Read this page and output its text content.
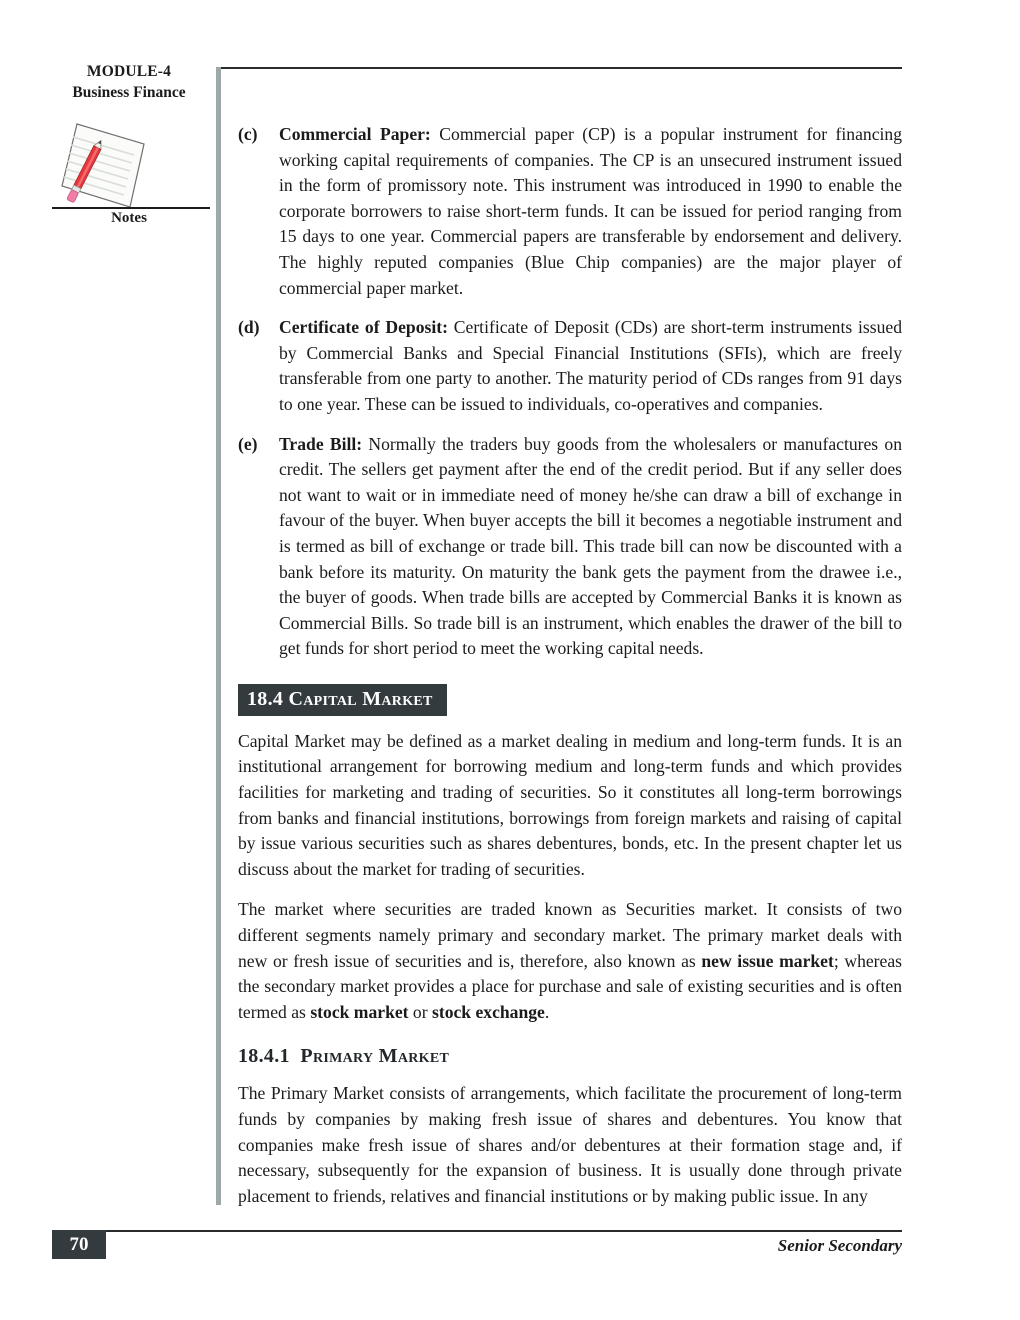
MODULE-4
Business Finance
Notes
(c) Commercial Paper: Commercial paper (CP) is a popular instrument for financing working capital requirements of companies. The CP is an unsecured instrument issued in the form of promissory note. This instrument was introduced in 1990 to enable the corporate borrowers to raise short-term funds. It can be issued for period ranging from 15 days to one year. Commercial papers are transferable by endorsement and delivery. The highly reputed companies (Blue Chip companies) are the major player of commercial paper market.
(d) Certificate of Deposit: Certificate of Deposit (CDs) are short-term instruments issued by Commercial Banks and Special Financial Institutions (SFIs), which are freely transferable from one party to another. The maturity period of CDs ranges from 91 days to one year. These can be issued to individuals, co-operatives and companies.
(e) Trade Bill: Normally the traders buy goods from the wholesalers or manufactures on credit. The sellers get payment after the end of the credit period. But if any seller does not want to wait or in immediate need of money he/she can draw a bill of exchange in favour of the buyer. When buyer accepts the bill it becomes a negotiable instrument and is termed as bill of exchange or trade bill. This trade bill can now be discounted with a bank before its maturity. On maturity the bank gets the payment from the drawee i.e., the buyer of goods. When trade bills are accepted by Commercial Banks it is known as Commercial Bills. So trade bill is an instrument, which enables the drawer of the bill to get funds for short period to meet the working capital needs.
18.4 Capital Market

Capital Market may be defined as a market dealing in medium and long-term funds. It is an institutional arrangement for borrowing medium and long-term funds and which provides facilities for marketing and trading of securities. So it constitutes all long-term borrowings from banks and financial institutions, borrowings from foreign markets and raising of capital by issue various securities such as shares debentures, bonds, etc. In the present chapter let us discuss about the market for trading of securities.

The market where securities are traded known as Securities market. It consists of two different segments namely primary and secondary market. The primary market deals with new or fresh issue of securities and is, therefore, also known as new issue market; whereas the secondary market provides a place for purchase and sale of existing securities and is often termed as stock market or stock exchange.

18.4.1 Primary Market

The Primary Market consists of arrangements, which facilitate the procurement of long-term funds by companies by making fresh issue of shares and debentures. You know that companies make fresh issue of shares and/or debentures at their formation stage and, if necessary, subsequently for the expansion of business. It is usually done through private placement to friends, relatives and financial institutions or by making public issue. In any

70	Senior Secondary
